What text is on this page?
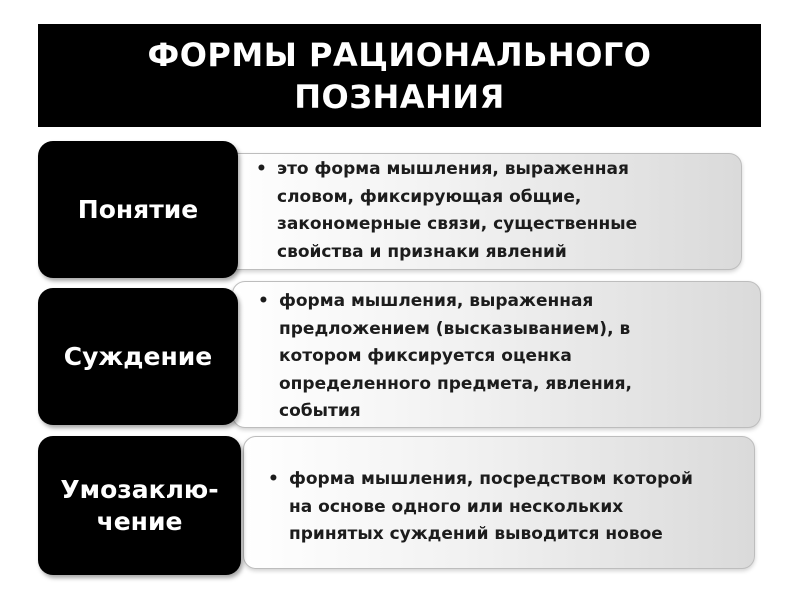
ФОРМЫ РАЦИОНАЛЬНОГО
ПОЗНАНИЯ
Понятие
• это форма мышления, выраженная
словом, фиксирующая общие,
закономерные связи, существенные
свойства и признаки явлений
Суждение
• форма мышления, выраженная
предложением (высказыванием), в
котором фиксируется оценка
определенного предмета, явления,
события
Умозаклю-
чение
• форма мышления, посредством которой
на основе одного или нескольких
принятых суждений выводится новое
